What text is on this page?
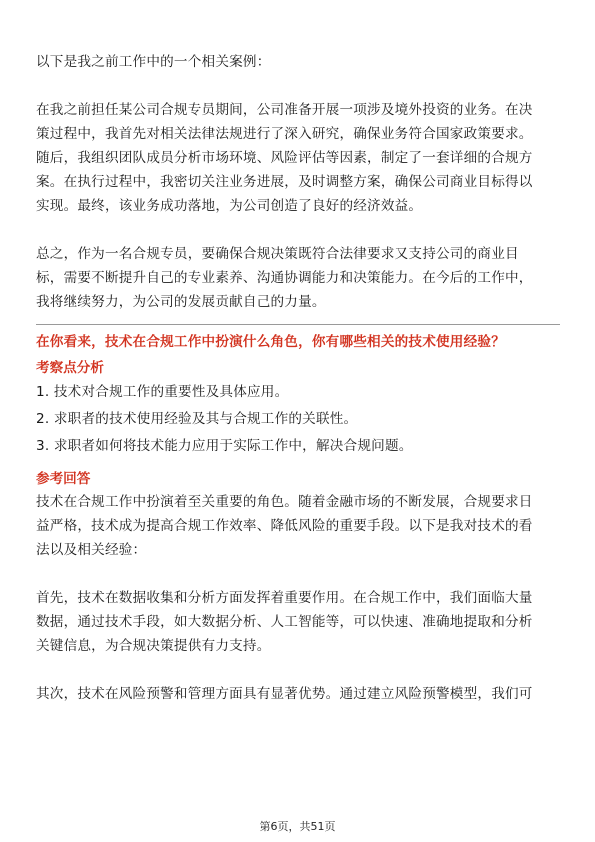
以下是我之前工作中的一个相关案例：

在我之前担任某公司合规专员期间，公司准备开展一项涉及境外投资的业务。在决

策过程中，我首先对相关法律法规进行了深入研究，确保业务符合国家政策要求。

随后，我组织团队成员分析市场环境、风险评估等因素，制定了一套详细的合规方

案。在执行过程中，我密切关注业务进展，及时调整方案，确保公司商业目标得以

实现。最终，该业务成功落地，为公司创造了良好的经济效益。

总之，作为一名合规专员，要确保合规决策既符合法律要求又支持公司的商业目

标，需要不断提升自己的专业素养、沟通协调能力和决策能力。在今后的工作中，

我将继续努力，为公司的发展贡献自己的力量。

在你看来，技术在合规工作中扮演什么角色，你有哪些相关的技术使用经验？

考察点分析

1. 技术对合规工作的重要性及具体应用。

2. 求职者的技术使用经验及其与合规工作的关联性。

3. 求职者如何将技术能力应用于实际工作中，解决合规问题。

参考回答

技术在合规工作中扮演着至关重要的角色。随着金融市场的不断发展，合规要求日

益严格，技术成为提高合规工作效率、降低风险的重要手段。以下是我对技术的看

法以及相关经验：

首先，技术在数据收集和分析方面发挥着重要作用。在合规工作中，我们面临大量

数据，通过技术手段，如大数据分析、人工智能等，可以快速、准确地提取和分析

关键信息，为合规决策提供有力支持。

其次，技术在风险预警和管理方面具有显著优势。通过建立风险预警模型，我们可

第6页，共51页
